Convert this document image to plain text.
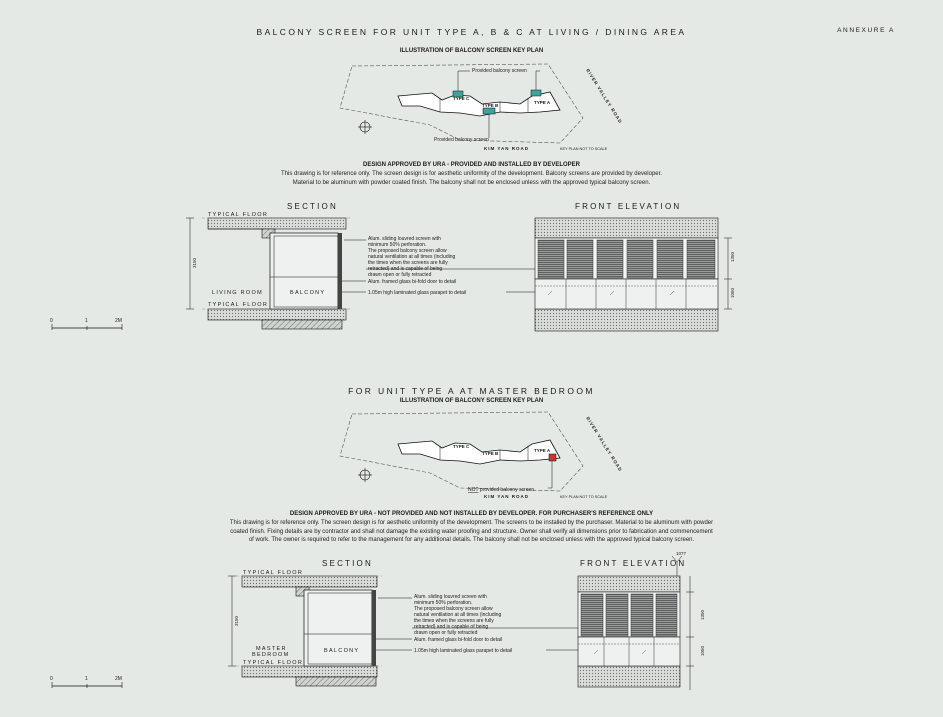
BALCONY SCREEN FOR UNIT TYPE A, B & C AT LIVING / DINING AREA	ANNEXURE A
ILLUSTRATION OF BALCONY SCREEN KEY PLAN
DESIGN APPROVED BY URA - PROVIDED AND INSTALLED BY DEVELOPER
This drawing is for reference only. The screen design is for aesthetic uniformity of the development. Balcony screens are provided by developer.
Material to be aluminum with powder coated finish. The balcony shall not be enclosed unless with the approved typical balcony screen.
SECTION	FRONT ELEVATION
FOR UNIT TYPE A AT MASTER BEDROOM
ILLUSTRATION OF BALCONY SCREEN KEY PLAN
DESIGN APPROVED BY URA - NOT PROVIDED AND NOT INSTALLED BY DEVELOPER. FOR PURCHASER'S REFERENCE ONLY
This drawing is for reference only. The screen design is for aesthetic uniformity of the development. The screens to be installed by the purchaser. Material to be aluminum with powder
coated finish. Fixing details are by contractor and shall not damage the existing water proofing and structure. Owner shall verify all dimensions prior to fabrication and commencement
of work. The owner is required to refer to the management for any additional details. The balcony shall not be enclosed unless with the approved typical balcony screen.
SECTION	FRONT ELEVATION
Provided balcony screen
Provided balcony screen
TYPE C
TYPE B
TYPE A
KIM YAN ROAD
RIVER VALLEY ROAD
KEY PLAN NOT TO SCALE
3150
TYPICAL FLOOR
TYPICAL FLOOR
LIVING ROOM	BALCONY
Alum. sliding louvred screen with
minimum 50% perforation.
The proposed balcony screen allow
natural ventilation at all times (including
the times when the screens are fully
retracted) and is capable of being
drawn open or fully retracted
Alum. framed glass bi-fold door to detail
1.05m high laminated glass parapet to detail
1350
1050
0	1	2M
NOT provided balcony screen
TYPE C
TYPE B
TYPE A
KIM YAN ROAD
RIVER VALLEY ROAD
KEY PLAN NOT TO SCALE
3150
TYPICAL FLOOR
TYPICAL FLOOR
MASTER
BEDROOM
BALCONY
Alum. sliding louvred screen with
minimum 50% perforation.
The proposed balcony screen allow
natural ventilation at all times (including
the times when the screens are fully
retracted) and is capable of being
drawn open or fully retracted
Alum. framed glass bi-fold door to detail
1.05m high laminated glass parapet to detail
1077
1350
1050
0	1	2M
